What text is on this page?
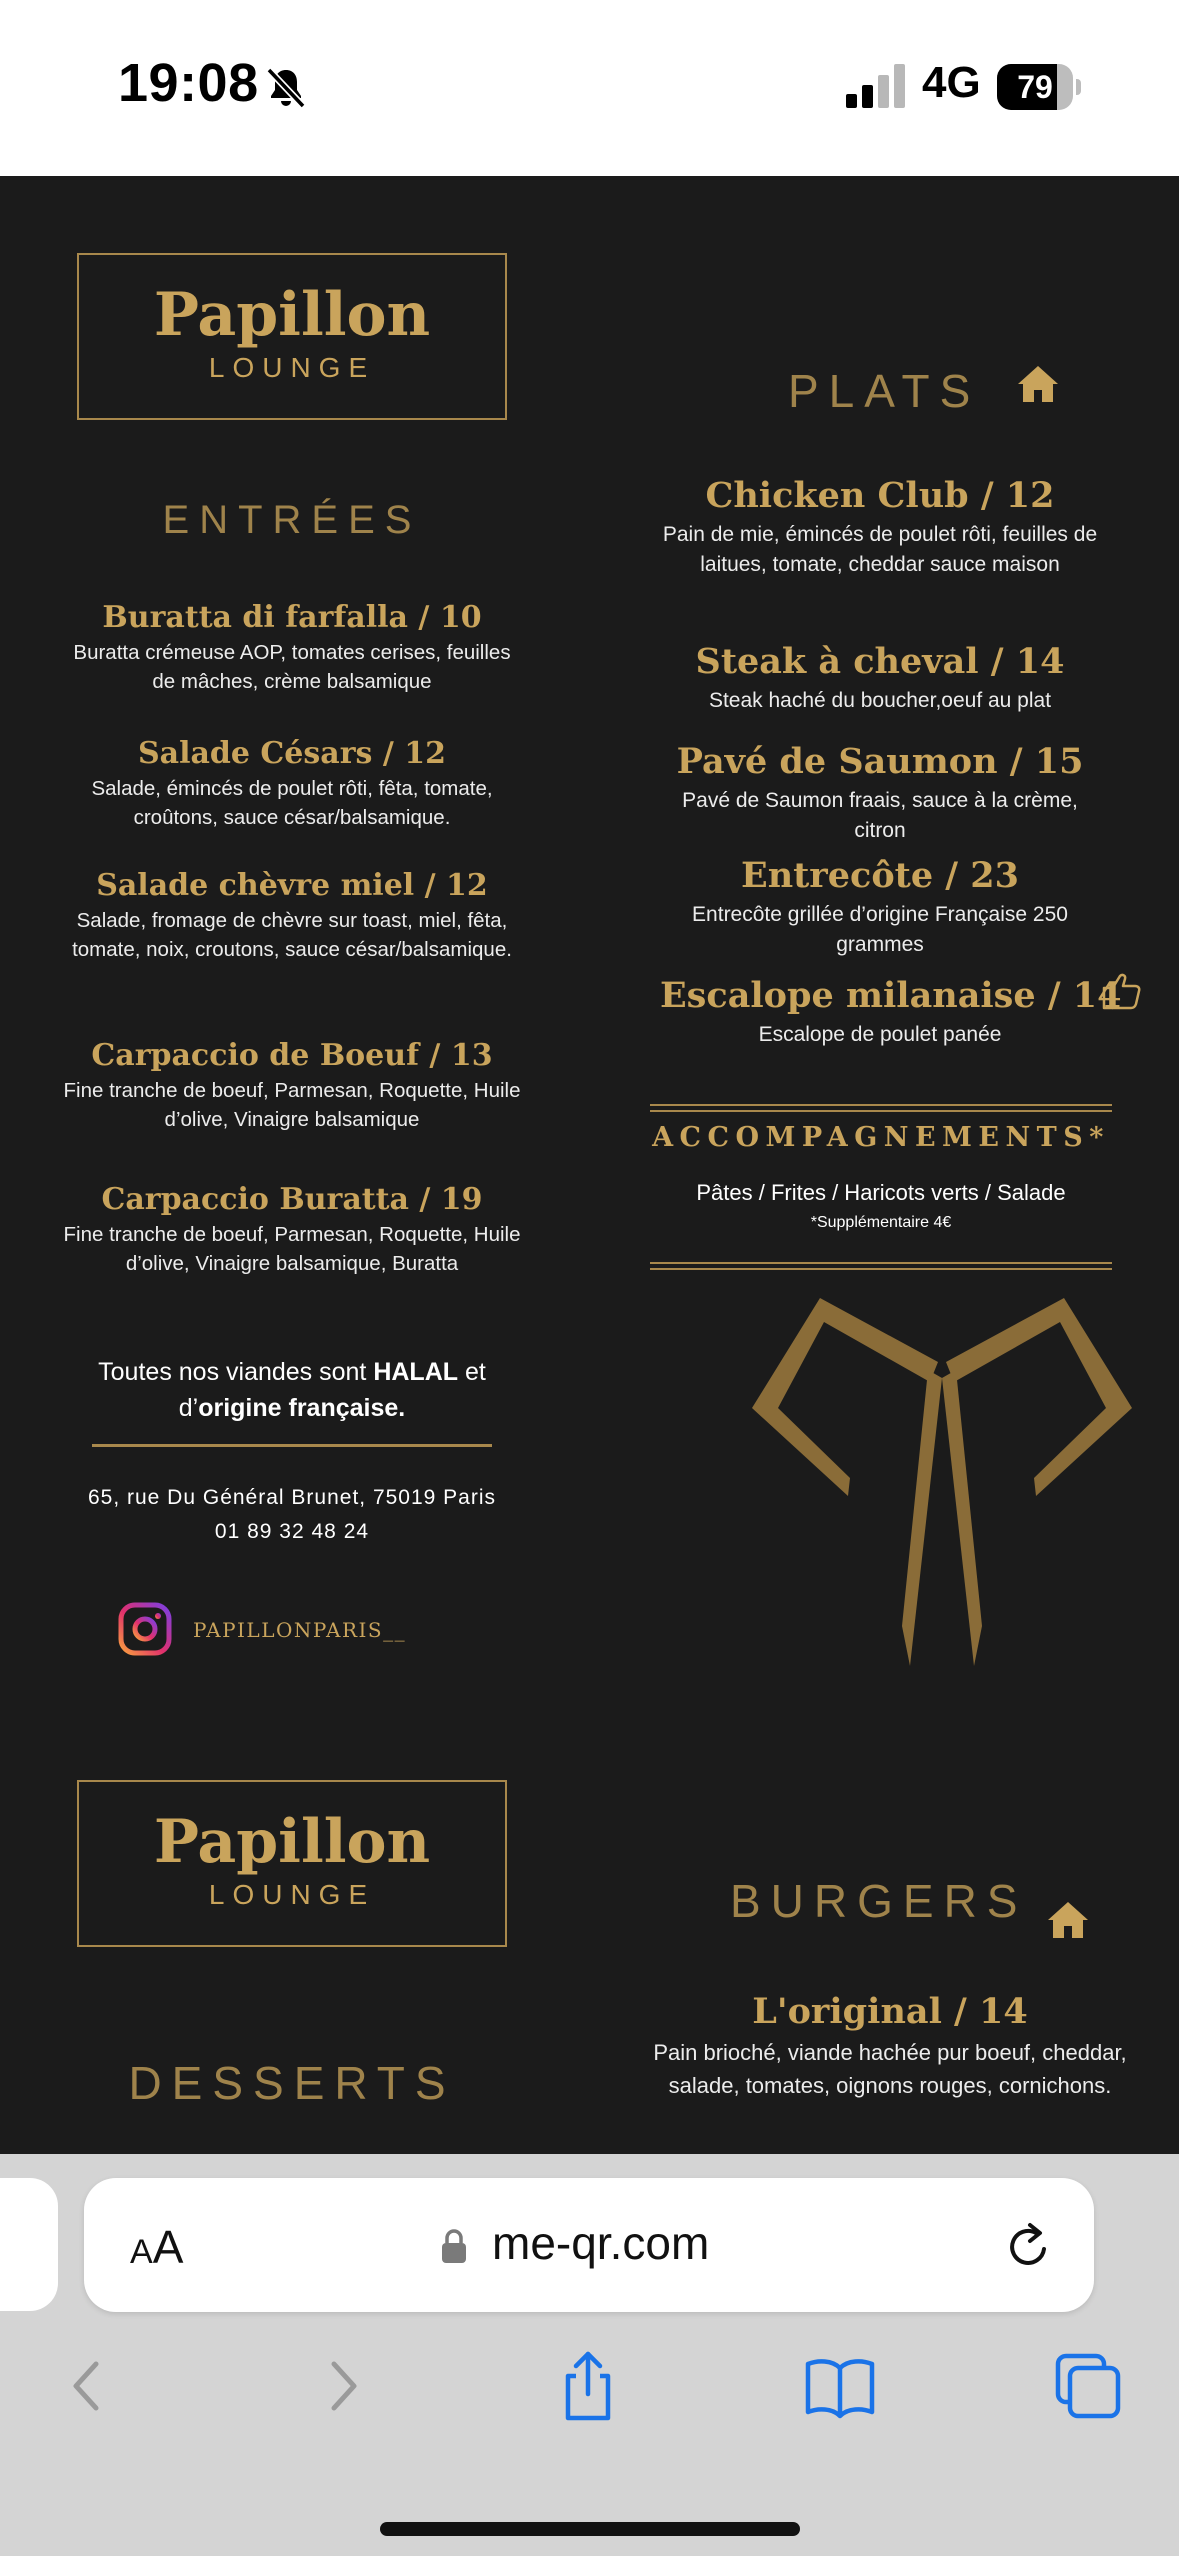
19:08	4G	79
Papillon
LOUNGE
ENTRÉES
Buratta di farfalla / 10
Buratta crémeuse AOP, tomates cerises, feuilles de mâches, crème balsamique
Salade Césars / 12
Salade, émincés de poulet rôti, fêta, tomate, croûtons, sauce césar/balsamique.
Salade chèvre miel / 12
Salade, fromage de chèvre sur toast, miel, fêta, tomate, noix, croutons, sauce césar/balsamique.
Carpaccio de Boeuf / 13
Fine tranche de boeuf, Parmesan, Roquette, Huile d’olive, Vinaigre balsamique
Carpaccio Buratta / 19
Fine tranche de boeuf, Parmesan, Roquette, Huile d’olive, Vinaigre balsamique, Buratta
Toutes nos viandes sont HALAL et d’origine française.
65, rue Du Général Brunet, 75019 Paris
01 89 32 48 24
PAPILLONPARIS__
Papillon
LOUNGE
DESSERTS
PLATS
Chicken Club / 12
Pain de mie, émincés de poulet rôti, feuilles de laitues, tomate, cheddar sauce maison
Steak à cheval / 14
Steak haché du boucher,oeuf au plat
Pavé de Saumon / 15
Pavé de Saumon fraais, sauce à la crème, citron
Entrecôte / 23
Entrecôte grillée d’origine Française 250 grammes
Escalope milanaise / 14
Escalope de poulet panée
ACCOMPAGNEMENTS*
Pâtes / Frites / Haricots verts / Salade
*Supplémentaire 4€
BURGERS
L'original / 14
Pain brioché, viande hachée pur boeuf, cheddar, salade, tomates, oignons rouges, cornichons.
AA	me-qr.com
